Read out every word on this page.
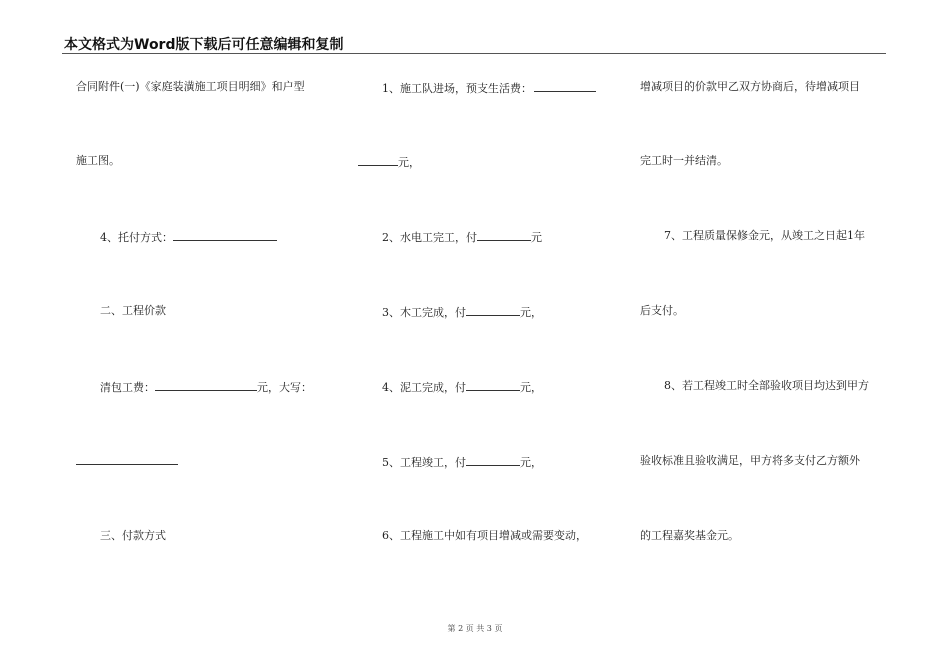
本文格式为Word版下载后可任意编辑和复制
合同附件(一)《家庭装潢施工项目明细》和户型
施工图。
4、托付方式：
二、工程价款
清包工费：	元，大写：
三、付款方式
1、施工队进场，预支生活费：
元，
2、水电工完工，付	元
3、木工完成，付	元，
4、泥工完成，付	元，
5、工程竣工，付	元，
6、工程施工中如有项目增减或需要变动，
增减项目的价款甲乙双方协商后，待增减项目
完工时一并结清。
7、工程质量保修金元，从竣工之日起1年
后支付。
8、若工程竣工时全部验收项目均达到甲方
验收标准且验收满足，甲方将多支付乙方额外
的工程嘉奖基金元。
第 2 页 共 3 页
